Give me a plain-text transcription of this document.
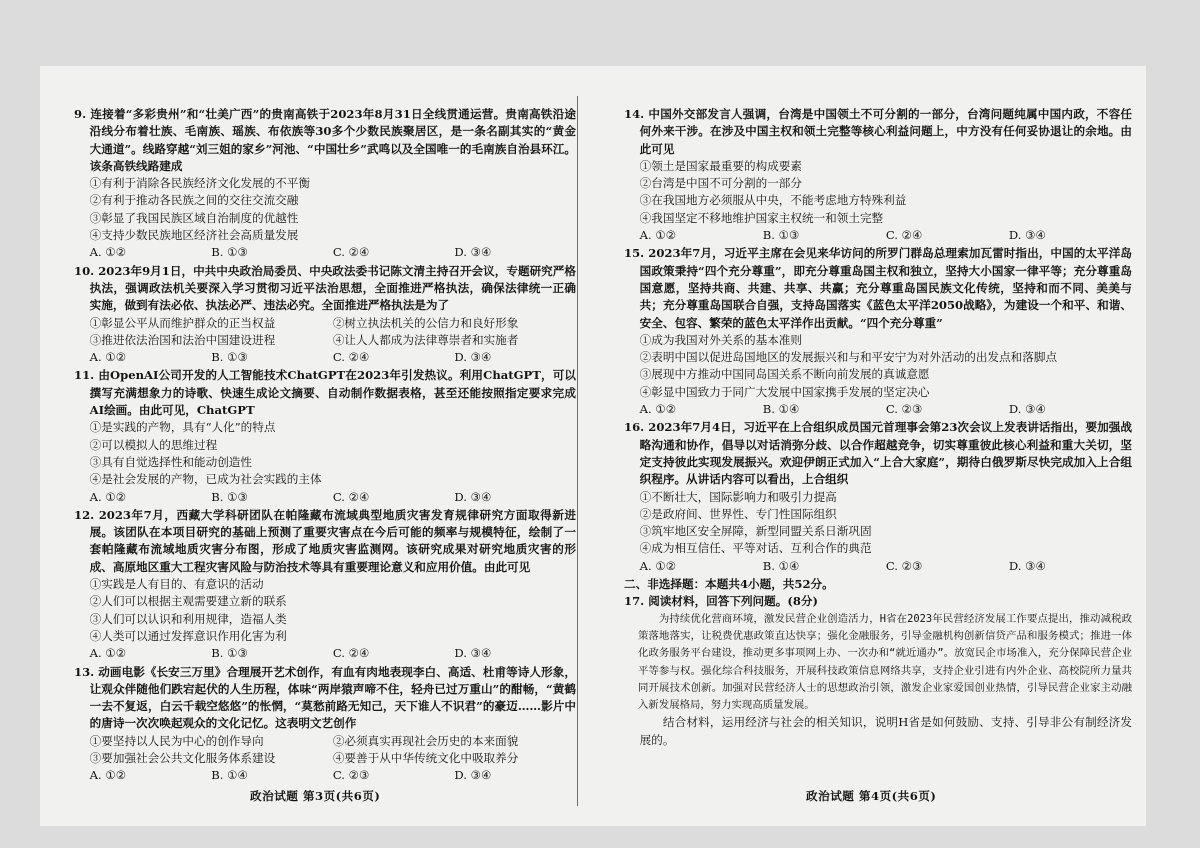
9. 连接着“多彩贵州”和“壮美广西”的贵南高铁于2023年8月31日全线贯通运营。贵南高铁沿途沿线分布着壮族、毛南族、瑶族、布依族等30多个少数民族聚居区，是一条名副其实的“黄金大通道”。线路穿越“刘三姐的家乡”河池、“中国壮乡”武鸣以及全国唯一的毛南族自治县环江。该条高铁线路建成
①有利于消除各民族经济文化发展的不平衡
②有利于推动各民族之间的交往交流交融
③彰显了我国民族区域自治制度的优越性
④支持少数民族地区经济社会高质量发展
A. ①②	B. ①③	C. ②④	D. ③④
10. 2023年9月1日，中共中央政治局委员、中央政法委书记陈文清主持召开会议，专题研究严格执法，强调政法机关要深入学习贯彻习近平法治思想，全面推进严格执法，确保法律统一正确实施，做到有法必依、执法必严、违法必究。全面推进严格执法是为了
①彰显公平从而维护群众的正当权益	②树立执法机关的公信力和良好形象
③推进依法治国和法治中国建设进程	④让人人都成为法律尊崇者和实施者
A. ①②	B. ①③	C. ②④	D. ③④
11. 由OpenAI公司开发的人工智能技术ChatGPT在2023年引发热议。利用ChatGPT，可以撰写充满想象力的诗歌、快速生成论文摘要、自动制作数据表格，甚至还能按照指定要求完成AI绘画。由此可见，ChatGPT
①是实践的产物，具有“人化”的特点
②可以模拟人的思维过程
③具有自觉选择性和能动创造性
④是社会发展的产物，已成为社会实践的主体
A. ①②	B. ①③	C. ②④	D. ③④
12. 2023年7月，西藏大学科研团队在帕隆藏布流域典型地质灾害发育规律研究方面取得新进展。该团队在本项目研究的基础上预测了重要灾害点在今后可能的频率与规模特征，绘制了一套帕隆藏布流域地质灾害分布图，形成了地质灾害监测网。该研究成果对研究地质灾害的形成、高原地区重大工程灾害风险与防治技术等具有重要理论意义和应用价值。由此可见
①实践是人有目的、有意识的活动
②人们可以根据主观需要建立新的联系
③人们可以认识和利用规律，造福人类
④人类可以通过发挥意识作用化害为利
A. ①②	B. ①③	C. ②④	D. ③④
13. 动画电影《长安三万里》合理展开艺术创作，有血有肉地表现李白、高适、杜甫等诗人形象，让观众伴随他们跌宕起伏的人生历程，体味“两岸猿声啼不住，轻舟已过万重山”的酣畅，“黄鹤一去不复返，白云千载空悠悠”的怅惘，“莫愁前路无知己，天下谁人不识君”的豪迈……影片中的唐诗一次次唤起观众的文化记忆。这表明文艺创作
①要坚持以人民为中心的创作导向	②必须真实再现社会历史的本来面貌
③要加强社会公共文化服务体系建设	④要善于从中华传统文化中吸取养分
A. ①②	B. ①④	C. ②③	D. ③④
14. 中国外交部发言人强调，台湾是中国领土不可分割的一部分，台湾问题纯属中国内政，不容任何外来干涉。在涉及中国主权和领土完整等核心利益问题上，中方没有任何妥协退让的余地。由此可见
①领土是国家最重要的构成要素
②台湾是中国不可分割的一部分
③在我国地方必须服从中央，不能考虑地方特殊利益
④我国坚定不移地维护国家主权统一和领土完整
A. ①②	B. ①③	C. ②④	D. ③④
15. 2023年7月，习近平主席在会见来华访问的所罗门群岛总理索加瓦雷时指出，中国的太平洋岛国政策秉持“四个充分尊重”，即充分尊重岛国主权和独立，坚持大小国家一律平等；充分尊重岛国意愿，坚持共商、共建、共享、共赢；充分尊重岛国民族文化传统，坚持和而不同、美美与共；充分尊重岛国联合自强，支持岛国落实《蓝色太平洋2050战略》，为建设一个和平、和谐、安全、包容、繁荣的蓝色太平洋作出贡献。“四个充分尊重”
①成为我国对外关系的基本准则
②表明中国以促进岛国地区的发展振兴和与和平安宁为对外活动的出发点和落脚点
③展现中方推动中国同岛国关系不断向前发展的真诚意愿
④彰显中国致力于同广大发展中国家携手发展的坚定决心
A. ①②	B. ①④	C. ②③	D. ③④
16. 2023年7月4日，习近平在上合组织成员国元首理事会第23次会议上发表讲话指出，要加强战略沟通和协作，倡导以对话消弥分歧、以合作超越竞争，切实尊重彼此核心利益和重大关切，坚定支持彼此实现发展振兴。欢迎伊朗正式加入“上合大家庭”，期待白俄罗斯尽快完成加入上合组织程序。从讲话内容可以看出，上合组织
①不断壮大，国际影响力和吸引力提高
②是政府间、世界性、专门性国际组织
③筑牢地区安全屏障，新型同盟关系日渐巩固
④成为相互信任、平等对话、互利合作的典范
A. ①②	B. ①④	C. ②③	D. ③④
二、非选择题：本题共4小题，共52分。
17. 阅读材料，回答下列问题。(8分)
为持续优化营商环境，激发民营企业创造活力，H省在2023年民营经济发展工作要点提出，推动减税政策落地落实，让税费优惠政策直达快享；强化金融服务，引导金融机构创新信贷产品和服务模式；推进一体化政务服务平台建设，推动更多事项网上办、一次办和“就近通办”。放宽民企市场准入，充分保障民营企业平等参与权。强化综合科技服务，开展科技政策信息网络共享，支持企业引进有内外企业、高校院所力量共同开展技术创新。加强对民营经济人士的思想政治引领，激发企业家爱国创业热情，引导民营企业家主动融入新发展格局，努力实现高质量发展。
结合材料，运用经济与社会的相关知识，说明H省是如何鼓励、支持、引导非公有制经济发展的。
政治试题 第3页(共6页)	政治试题 第4页(共6页)
